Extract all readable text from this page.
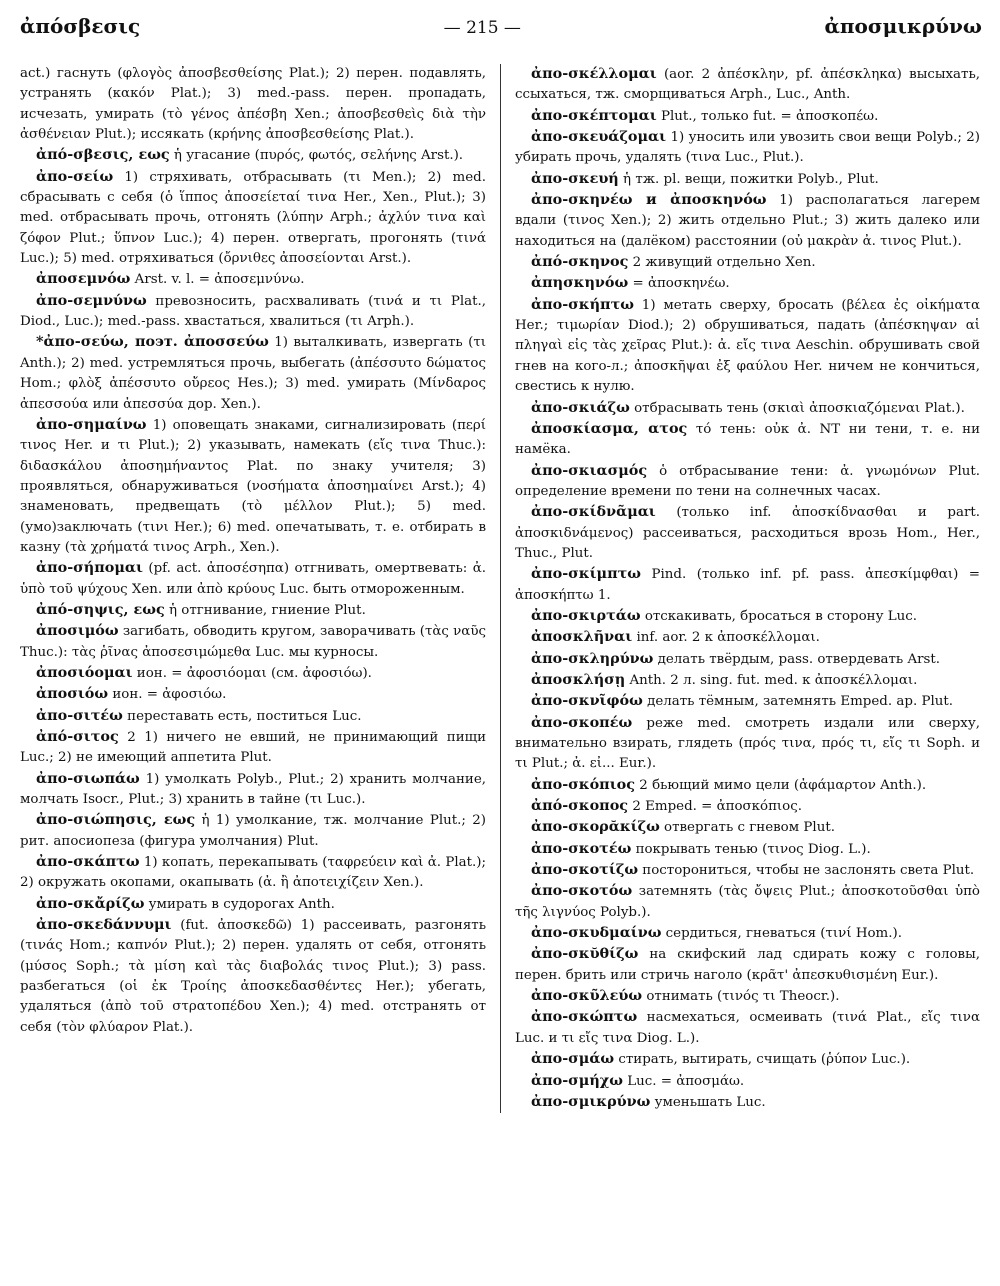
ἀπόσβεσις	— 215 —	ἀποσμικρύνω

act.) гаснуть (φλογὸς ἀποσβεσθείσης Plat.); 2) перен. подавлять, устранять (κακόν Plat.); 3) med.-pass. перен. пропадать, исчезать, умирать (τὸ γένος ἀπέσβη Xen.; ἀποσβεσθεὶς διὰ τὴν ἀσθένειαν Plut.); иссякать (κρήνης ἀποσβεσθείσης Plat.).

ἀπό-σβεσις, εως ἡ угасание (πυρός, φωτός, σελήνης Arst.).

ἀπο-σείω 1) стряхивать, отбрасывать (τι Men.); 2) med. сбрасывать с себя (ὁ ἵππος ἀποσείεταί τινα Her., Xen., Plut.); 3) med. отбрасывать прочь, отгонять (λύπην Arph.; ἀχλύν τινα καὶ ζόφον Plut.; ὕπνον Luc.); 4) перен. отвергать, прогонять (τινά Luc.); 5) med. отряхиваться (ὄρνιθες ἀποσείονται Arst.).

ἀποσεμνόω Arst. v. l. = ἀποσεμνύνω.

ἀπο-σεμνύνω превозносить, расхваливать (τινά и τι Plat., Diod., Luc.); med.-pass. хвастаться, хвалиться (τι Arph.).

*ἀπο-σεύω, поэт. ἀποσσεύω 1) выталкивать, извергать (τι Anth.); 2) med. устремляться прочь, выбегать (ἀπέσσυτο δώματος Hom.; φλὸξ ἀπέσσυτο οὔρεος Hes.); 3) med. умирать (Μίνδαρος ἀπεσσούα или ἀπεσσύα дор. Xen.).

ἀπο-σημαίνω 1) оповещать знаками, сигнализировать (περί τινος Her. и τι Plut.); 2) указывать, намекать (εἴς τινα Thuc.): διδασκάλου ἀποσημήναντος Plat. по знаку учителя; 3) проявляться, обнаруживаться (νοσήματα ἀποσημαίνει Arst.); 4) знаменовать, предвещать (τὸ μέλλον Plut.); 5) med. (умо)заключать (τινι Her.); 6) med. опечатывать, т. е. отбирать в казну (τὰ χρήματά τινος Arph., Xen.).

ἀπο-σήπομαι (pf. act. ἀποσέσηπα) отгнивать, омертвевать: ἀ. ὑπὸ τοῦ ψύχους Xen. или ἀπὸ κρύους Luc. быть отмороженным.

ἀπό-σηψις, εως ἡ отгнивание, гниение Plut.

ἀποσιμόω загибать, обводить кругом, заворачивать (τὰς ναῦς Thuc.): τὰς ῥῖνας ἀποσεσιμώμεθα Luc. мы курносы.

ἀποσιόομαι ион. = ἀφοσιόομαι (см. ἀφοσιόω).

ἀποσιόω ион. = ἀφοσιόω.

ἀπο-σιτέω переставать есть, поститься Luc.

ἀπό-σιτος 2 1) ничего не евший, не принимающий пищи Luc.; 2) не имеющий аппетита Plut.

ἀπο-σιωπάω 1) умолкать Polyb., Plut.; 2) хранить молчание, молчать Isocr., Plut.; 3) хранить в тайне (τι Luc.).

ἀπο-σιώπησις, εως ἡ 1) умолкание, тж. молчание Plut.; 2) рит. апосиопеза (фигура умолчания) Plut.

ἀπο-σκάπτω 1) копать, перекапывать (ταφρεύειν καὶ ἀ. Plat.); 2) окружать окопами, окапывать (ἀ. ἢ ἀποτειχίζειν Xen.).

ἀπο-σκἄρίζω умирать в судорогах Anth.

ἀπο-σκεδάννυμι (fut. ἀποσκεδῶ) 1) рассеивать, разгонять (τινάς Hom.; καπνόν Plut.); 2) перен. удалять от себя, отгонять (μύσος Soph.; τὰ μίση καὶ τὰς διαβολάς τινος Plut.); 3) pass. разбегаться (οἱ ἐκ Τροίης ἀποσκεδασθέντες Her.); убегать, удаляться (ἀπὸ τοῦ στρατοπέδου Xen.); 4) med. отстранять от себя (τὸν φλύαρον Plat.).

ἀπο-σκέλλομαι (aor. 2 ἀπέσκλην, pf. ἀπέσκληκα) высыхать, ссыхаться, тж. сморщиваться Arph., Luc., Anth.

ἀπο-σκέπτομαι Plut., только fut. = ἀποσκοπέω.

ἀπο-σκευάζομαι 1) уносить или увозить свои вещи Polyb.; 2) убирать прочь, удалять (τινα Luc., Plut.).

ἀπο-σκευή ἡ тж. pl. вещи, пожитки Polyb., Plut.

ἀπο-σκηνέω и ἀποσκηνόω 1) располагаться лагерем вдали (τινος Xen.); 2) жить отдельно Plut.; 3) жить далеко или находиться на (далёком) расстоянии (οὐ μακρὰν ἀ. τινος Plut.).

ἀπό-σκηνος 2 живущий отдельно Xen.

ἀπησκηνόω = ἀποσκηνέω.

ἀπο-σκήπτω 1) метать сверху, бросать (βέλεα ἐς οἰκήματα Her.; τιμωρίαν Diod.); 2) обрушиваться, падать (ἀπέσκηψαν αἱ πληγαὶ εἰς τὰς χεῖρας Plut.): ἀ. εἴς τινα Aeschin. обрушивать свой гнев на кого-л.; ἀποσκῆψαι ἐξ φαύλου Her. ничем не кончиться, свестись к нулю.

ἀπο-σκιάζω отбрасывать тень (σκιαὶ ἀποσκιαζόμεναι Plat.).

ἀποσκίασμα, ατος τό тень: οὐκ ἀ. NT ни тени, т. е. ни намёка.

ἀπο-σκιασμός ὁ отбрасывание тени: ἀ. γνωμόνων Plut. определение времени по тени на солнечных часах.

ἀπο-σκίδνᾶμαι (только inf. ἀποσκίδνασθαι и part. ἀποσκιδνάμενος) рассеиваться, расходиться врозь Hom., Her., Thuc., Plut.

ἀπο-σκίμπτω Pind. (только inf. pf. pass. ἀπεσκίμφθαι) = ἀποσκήπτω 1.

ἀπο-σκιρτάω отскакивать, бросаться в сторону Luc.

ἀποσκλῆναι inf. aor. 2 к ἀποσκέλλομαι.

ἀπο-σκληρύνω делать твёрдым, pass. отвердевать Arst.

ἀποσκλήσῃ Anth. 2 л. sing. fut. med. к ἀποσκέλλομαι.

ἀπο-σκνῖφόω делать тёмным, затемнять Emped. ap. Plut.

ἀπο-σκοπέω реже med. смотреть издали или сверху, внимательно взирать, глядеть (πρός τινα, πρός τι, εἴς τι Soph. и τι Plut.; ἀ. εἰ... Eur.).

ἀπο-σκόπιος 2 бьющий мимо цели (ἀφάμαρτον Anth.).

ἀπό-σκοπος 2 Emped. = ἀποσκόπιος.

ἀπο-σκορᾰκίζω отвергать с гневом Plut.

ἀπο-σκοτέω покрывать тенью (τινος Diog. L.).

ἀπο-σκοτίζω посторониться, чтобы не заслонять света Plut.

ἀπο-σκοτόω затемнять (τὰς ὄψεις Plut.; ἀποσκοτοῦσθαι ὑπὸ τῆς λιγνύος Polyb.).

ἀπο-σκυδμαίνω сердиться, гневаться (τινί Hom.).

ἀπο-σκῠθίζω на скифский лад сдирать кожу с головы, перен. брить или стричь наголо (κρᾶτ' ἀπεσκυθισμένη Eur.).

ἀπο-σκῦλεύω отнимать (τινός τι Theocr.).

ἀπο-σκώπτω насмехаться, осмеивать (τινά Plat., εἴς τινα Luc. и τι εἴς τινα Diog. L.).

ἀπο-σμάω стирать, вытирать, счищать (ῥύπον Luc.).

ἀπο-σμήχω Luc. = ἀποσμάω.

ἀπο-σμικρύνω уменьшать Luc.
